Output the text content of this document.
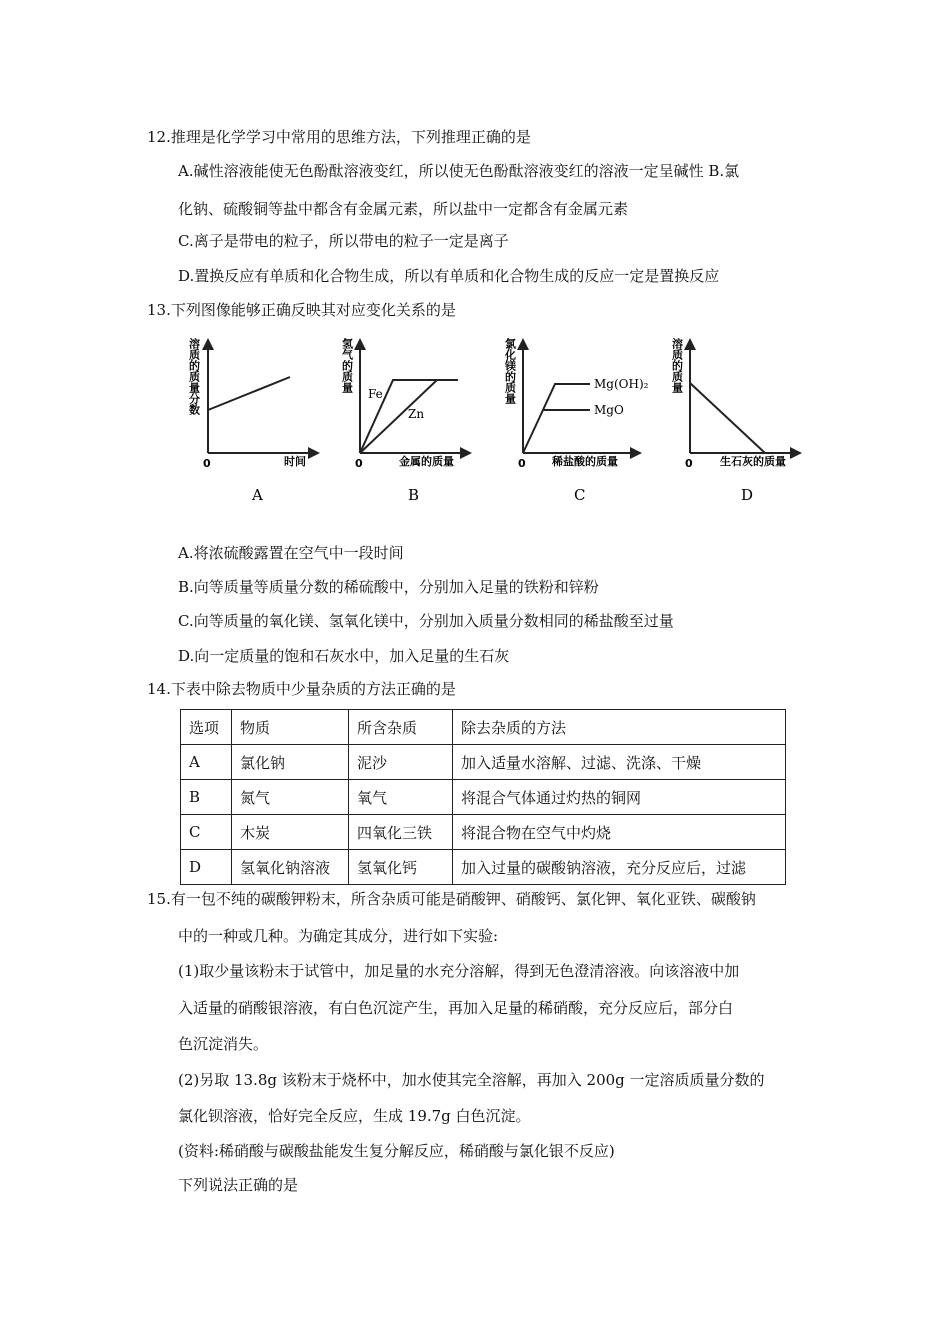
12.推理是化学学习中常用的思维方法，下列推理正确的是
A.碱性溶液能使无色酚酞溶液变红，所以使无色酚酞溶液变红的溶液一定呈碱性 B.氯
化钠、硫酸铜等盐中都含有金属元素，所以盐中一定都含有金属元素
C.离子是带电的粒子，所以带电的粒子一定是离子
D.置换反应有单质和化合物生成，所以有单质和化合物生成的反应一定是置换反应
13.下列图像能够正确反映其对应变化关系的是
溶质的质量分数
0	时间
A
氢气的质量
0	金属的质量
Fe
Zn
B
氯化镁的质量
0 稀盐酸的质量
Mg(OH)₂
MgO
C
溶质的质量
0 生石灰的质量
D
A.将浓硫酸露置在空气中一段时间
B.向等质量等质量分数的稀硫酸中，分别加入足量的铁粉和锌粉
C.向等质量的氧化镁、氢氧化镁中，分别加入质量分数相同的稀盐酸至过量
D.向一定质量的饱和石灰水中，加入足量的生石灰
14.下表中除去物质中少量杂质的方法正确的是
选项	物质	所含杂质	除去杂质的方法
A	氯化钠	泥沙	加入适量水溶解、过滤、洗涤、干燥
B	氮气	氧气	将混合气体通过灼热的铜网
C	木炭	四氧化三铁	将混合物在空气中灼烧
D	氢氧化钠溶液	氢氧化钙	加入过量的碳酸钠溶液，充分反应后，过滤
15.有一包不纯的碳酸钾粉末，所含杂质可能是硝酸钾、硝酸钙、氯化钾、氧化亚铁、碳酸钠
中的一种或几种。为确定其成分，进行如下实验:
(1)取少量该粉末于试管中，加足量的水充分溶解，得到无色澄清溶液。向该溶液中加
入适量的硝酸银溶液，有白色沉淀产生，再加入足量的稀硝酸，充分反应后，部分白
色沉淀消失。
(2)另取 13.8g 该粉末于烧杯中，加水使其完全溶解，再加入 200g 一定溶质质量分数的
氯化钡溶液，恰好完全反应，生成 19.7g 白色沉淀。
(资料:稀硝酸与碳酸盐能发生复分解反应，稀硝酸与氯化银不反应)
下列说法正确的是
